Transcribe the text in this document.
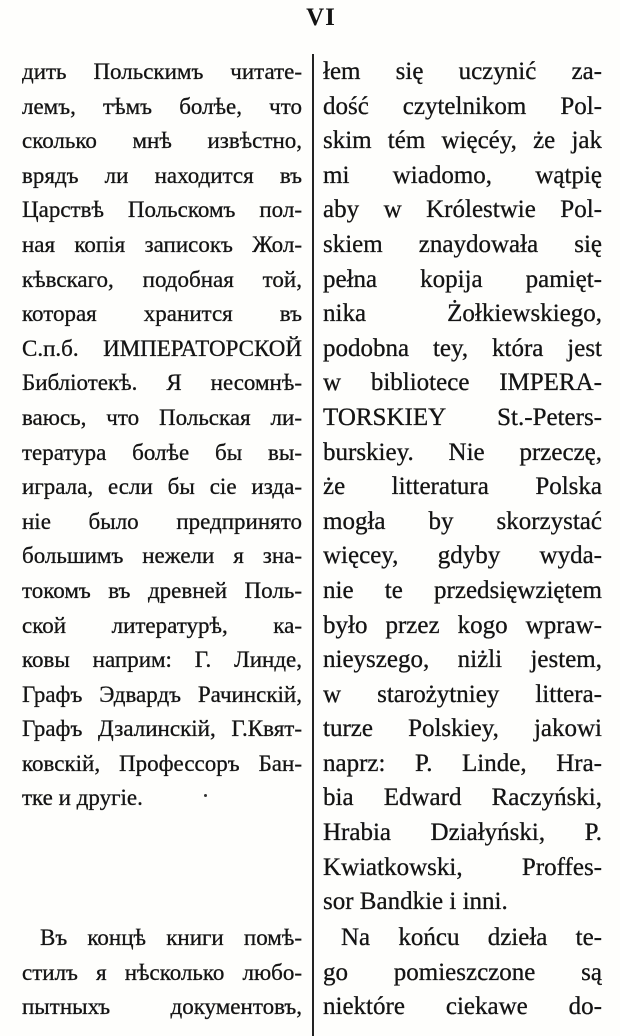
VI
дить Польскимъ читате-
лемъ, тѣмъ болѣе, что
сколько мнѣ извѣстно,
врядъ ли находится въ
Царствѣ Польскомъ пол-
ная копія записокъ Жол-
кѣвскаго, подобная той,
которая хранится въ
С.п.б. ИМПЕРАТОРСКОЙ
Библіотекѣ. Я несомнѣ-
ваюсь, что Польская ли-
тература болѣе бы вы-
играла, если бы сіе изда-
ніе было предпринято
большимъ нежели я зна-
токомъ въ древней Поль-
ской литературѣ, ка-
ковы наприм: Г. Линде,
Графъ Эдвардъ Рачинскій,
Графъ Дзалинскій, Г.Квят-
ковскій, Профессоръ Бан-
тке и другіе.
Въ концѣ книги помѣ-
стилъ я нѣсколько любо-
пытныхъ документовъ,
łem się uczynić za-
dość czytelnikom Pol-
skim tém więcéy, że jak
mi wiadomo, wątpię
aby w Królestwie Pol-
skiem znaydowała się
pełna kopija pamięt-
nika Żołkiewskiego,
podobna tey, która jest
w bibliotece IMPERA-
TORSKIEY St.-Peters-
burskiey. Nie przeczę,
że litteratura Polska
mogła by skorzystać
więcey, gdyby wyda-
nie te przedsięwziętem
było przez kogo wpraw-
nieyszego, niżli jestem,
w starożytniey littera-
turze Polskiey, jakowi
naprz: P. Linde, Hra-
bia Edward Raczyński,
Hrabia Działyński, P.
Kwiatkowski, Proffes-
sor Bandkie i inni.
Na końcu dzieła te-
go pomieszczone są
niektóre ciekawe do-
